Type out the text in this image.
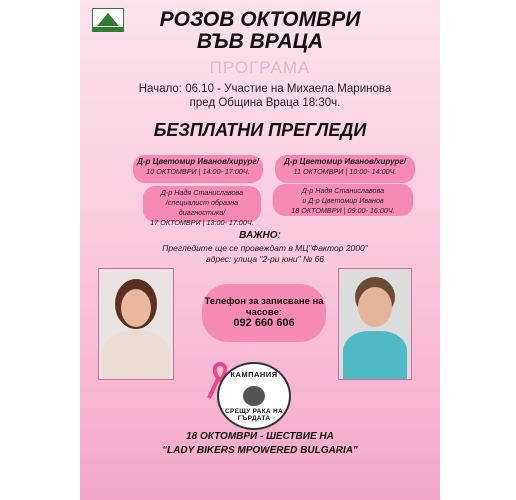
РОЗОВ ОКТОМВРИ
ВЪВ ВРАЦА
ПРОГРАМА
Начало: 06.10 - Участие на Михаела Маринова
пред Община Враца 18:30ч.
БЕЗПЛАТНИ ПРЕГЛЕДИ
Д-р Цветомир Иванов/хирург/
10 ОКТОМВРИ | 14:00- 17:00Ч.
Д-р Цветомир Иванов/хирург/
11 ОКТОМВРИ | 10:00- 14:00Ч.
Д-р Надя Станиславова
/специалист образна диагностика/
17 ОКТОМВРИ | 13:00- 17:00Ч.
Д-р Надя Станиславова
и Д-р Цветомир Иванов
18 ОКТОМВРИ | 09:00- 16:00Ч.
ВАЖНО:
Прегледите ще се провеждат в МЦ"Фактор 2000"
адрес: улица "2-ри юни" № 66
Телефон за записване на
часове:
092 660 606
КАМПАНИЯ
СРЕЩУ РАКА НА ГЪРДАТА
18 ОКТОМВРИ - ШЕСТВИЕ НА
"LADY BIKERS MPOWERED BULGARIA"
